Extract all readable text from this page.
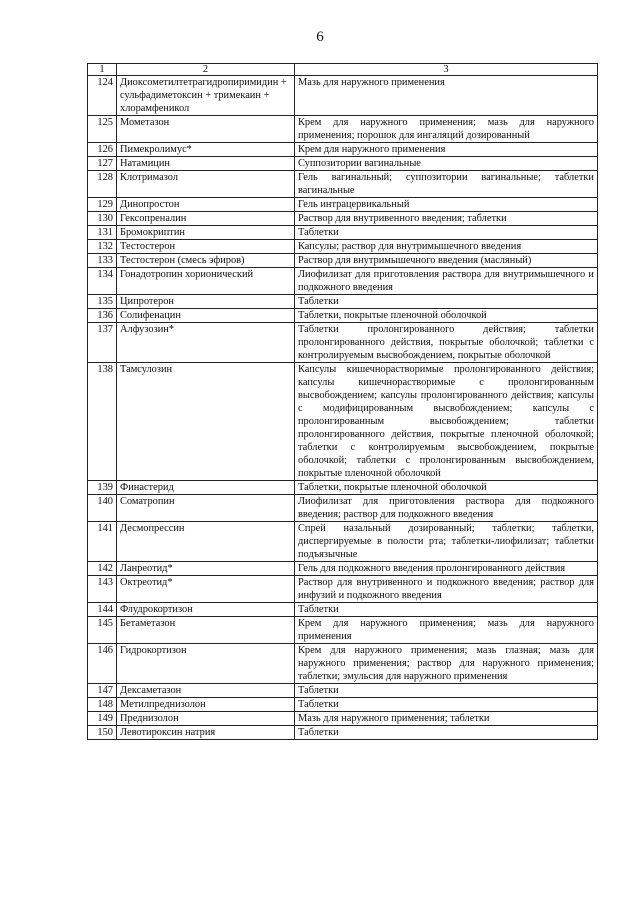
6
1	2	3
124	Диоксометилтетрагидропиримидин + сульфадиметоксин + тримекаин + хлорамфеникол	Мазь для наружного применения
125	Мометазон	Крем для наружного применения; мазь для наружного применения; порошок для ингаляций дозированный
126	Пимекролимус*	Крем для наружного применения
127	Натамицин	Суппозитории вагинальные
128	Клотримазол	Гель вагинальный; суппозитории вагинальные; таблетки вагинальные
129	Динопростон	Гель интрацервикальный
130	Гексопреналин	Раствор для внутривенного введения; таблетки
131	Бромокриптин	Таблетки
132	Тестостерон	Капсулы; раствор для внутримышечного введения
133	Тестостерон (смесь эфиров)	Раствор для внутримышечного введения (масляный)
134	Гонадотропин хорионический	Лиофилизат для приготовления раствора для внутримышечного и подкожного введения
135	Ципротерон	Таблетки
136	Солифенацин	Таблетки, покрытые пленочной оболочкой
137	Алфузозин*	Таблетки пролонгированного действия; таблетки пролонгированного действия, покрытые оболочкой; таблетки с контролируемым высвобождением, покрытые оболочкой
138	Тамсулозин	Капсулы кишечнорастворимые пролонгированного действия; капсулы кишечнорастворимые с пролонгированным высвобождением; капсулы пролонгированного действия; капсулы с модифицированным высвобождением; капсулы с пролонгированным высвобождением; таблетки пролонгированного действия, покрытые пленочной оболочкой; таблетки с контролируемым высвобождением, покрытые оболочкой; таблетки с пролонгированным высвобождением, покрытые пленочной оболочкой
139	Финастерид	Таблетки, покрытые пленочной оболочкой
140	Соматропин	Лиофилизат для приготовления раствора для подкожного введения; раствор для подкожного введения
141	Десмопрессин	Спрей назальный дозированный; таблетки; таблетки, диспергируемые в полости рта; таблетки-лиофилизат; таблетки подъязычные
142	Ланреотид*	Гель для подкожного введения пролонгированного действия
143	Октреотид*	Раствор для внутривенного и подкожного введения; раствор для инфузий и подкожного введения
144	Флудрокортизон	Таблетки
145	Бетаметазон	Крем для наружного применения; мазь для наружного применения
146	Гидрокортизон	Крем для наружного применения; мазь глазная; мазь для наружного применения; раствор для наружного применения; таблетки; эмульсия для наружного применения
147	Дексаметазон	Таблетки
148	Метилпреднизолон	Таблетки
149	Преднизолон	Мазь для наружного применения; таблетки
150	Левотироксин натрия	Таблетки
